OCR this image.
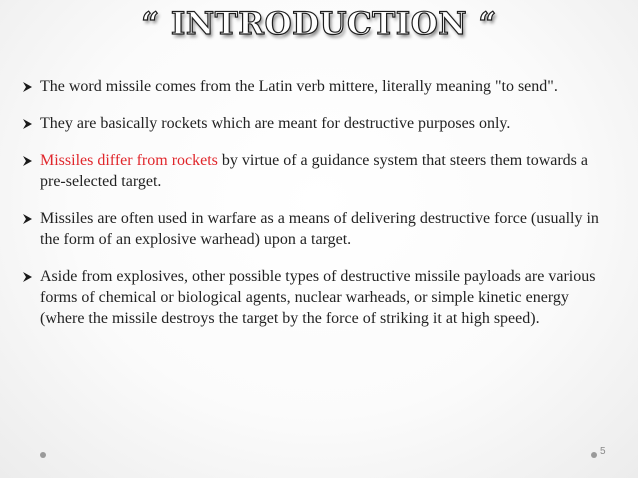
“ INTRODUCTION “
The word missile comes from the Latin verb mittere, literally meaning "to send".
They are basically rockets which are meant for destructive purposes only.
Missiles differ from rockets by virtue of a guidance system that steers them towards a pre-selected target.
Missiles are often used in warfare as a means of delivering destructive force (usually in the form of an explosive warhead) upon a target.
Aside from explosives, other possible types of destructive missile payloads are various forms of chemical or biological agents, nuclear warheads, or simple kinetic energy (where the missile destroys the target by the force of striking it at high speed).
5
